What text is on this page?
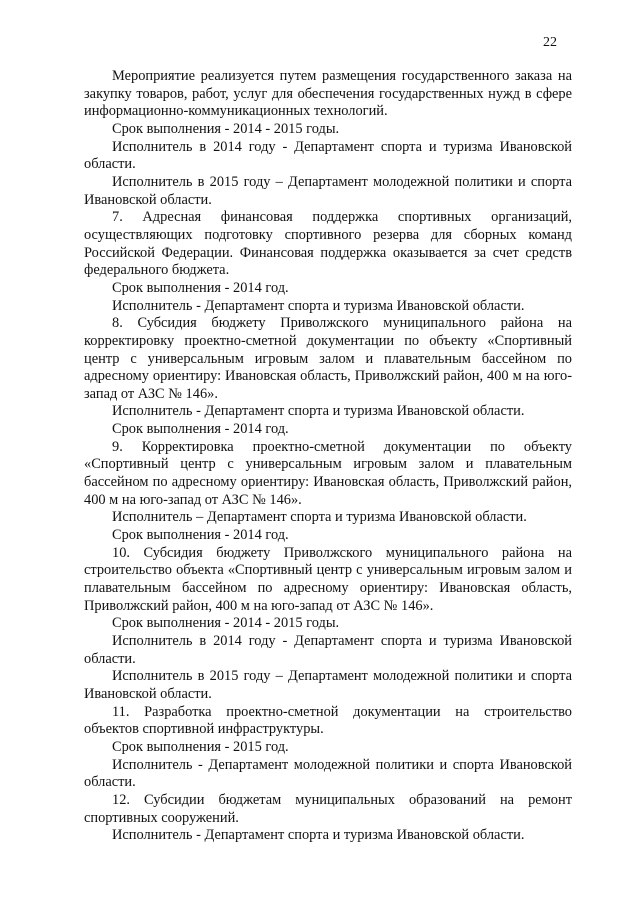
22

Мероприятие реализуется путем размещения государственного заказа на закупку товаров, работ, услуг для обеспечения государственных нужд в сфере информационно-коммуникационных технологий.

Срок выполнения - 2014 - 2015 годы.

Исполнитель в 2014 году - Департамент спорта и туризма Ивановской области.

Исполнитель в 2015 году – Департамент молодежной политики и спорта Ивановской области.

7. Адресная финансовая поддержка спортивных организаций, осуществляющих подготовку спортивного резерва для сборных команд Российской Федерации. Финансовая поддержка оказывается за счет средств федерального бюджета.

Срок выполнения - 2014 год.

Исполнитель - Департамент спорта и туризма Ивановской области.

8. Субсидия бюджету Приволжского муниципального района на корректировку проектно-сметной документации по объекту «Спортивный центр с универсальным игровым залом и плавательным бассейном по адресному ориентиру: Ивановская область, Приволжский район, 400 м на юго-запад от АЗС № 146».

Исполнитель - Департамент спорта и туризма Ивановской области.

Срок выполнения - 2014 год.

9. Корректировка проектно-сметной документации по объекту «Спортивный центр с универсальным игровым залом и плавательным бассейном по адресному ориентиру: Ивановская область, Приволжский район, 400 м на юго-запад от АЗС № 146».

Исполнитель – Департамент спорта и туризма Ивановской области.

Срок выполнения - 2014 год.

10. Субсидия бюджету Приволжского муниципального района на строительство объекта «Спортивный центр с универсальным игровым залом и плавательным бассейном по адресному ориентиру: Ивановская область, Приволжский район, 400 м на юго-запад от АЗС № 146».

Срок выполнения - 2014 - 2015 годы.

Исполнитель в 2014 году - Департамент спорта и туризма Ивановской области.

Исполнитель в 2015 году – Департамент молодежной политики и спорта Ивановской области.

11. Разработка проектно-сметной документации на строительство объектов спортивной инфраструктуры.

Срок выполнения - 2015 год.

Исполнитель - Департамент молодежной политики и спорта Ивановской области.

12. Субсидии бюджетам муниципальных образований на ремонт спортивных сооружений.

Исполнитель - Департамент спорта и туризма Ивановской области.
